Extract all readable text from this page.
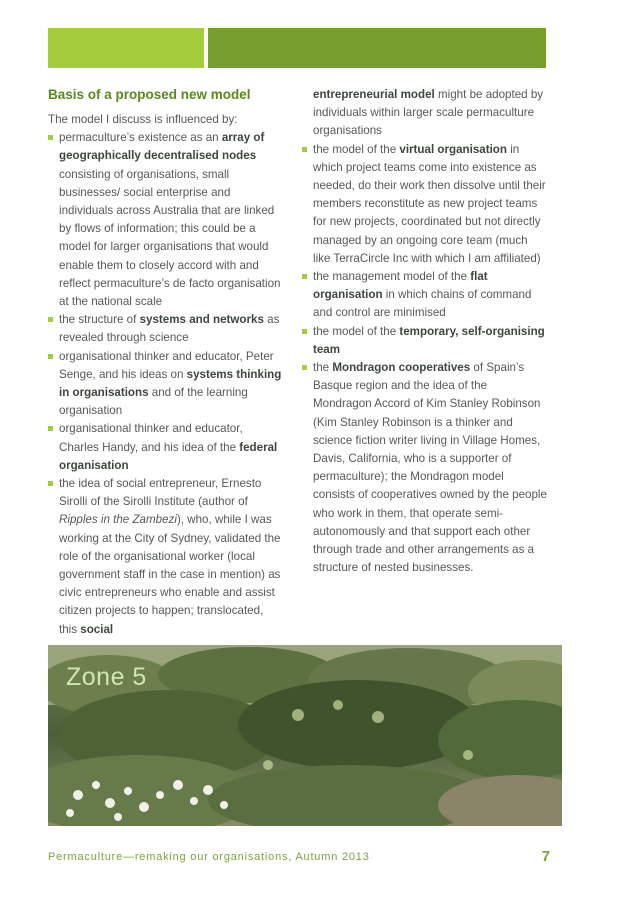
Basis of a proposed new model

The model I discuss is influenced by:

permaculture’s existence as an array of geographically decentralised nodes consisting of organisations, small businesses/ social enterprise and individuals across Australia that are linked by flows of information; this could be a model for larger organisations that would enable them to closely accord with and reflect permaculture’s de facto organisation at the national scale
the structure of systems and networks as revealed through science
organisational thinker and educator, Peter Senge, and his ideas on systems thinking in organisations and of the learning organisation
organisational thinker and educator, Charles Handy, and his idea of the federal organisation
the idea of social entrepreneur, Ernesto Sirolli of the Sirolli Institute (author of Ripples in the Zambezi), who, while I was working at the City of Sydney, validated the role of the organisational worker (local government staff in the case in mention) as civic entrepreneurs who enable and assist citizen projects to happen; translocated, this social

entrepreneurial model might be adopted by individuals within larger scale permaculture organisations

the model of the virtual organisation in which project teams come into existence as needed, do their work then dissolve until their members reconstitute as new project teams for new projects, coordinated but not directly managed by an ongoing core team (much like TerraCircle Inc with which I am affiliated)
the management model of the flat organisation in which chains of command and control are minimised
the model of the temporary, self-organising team
the Mondragon cooperatives of Spain’s Basque region and the idea of the Mondragon Accord of Kim Stanley Robinson (Kim Stanley Robinson is a thinker and science fiction writer living in Village Homes, Davis, California, who is a supporter of permaculture); the Mondragon model consists of cooperatives owned by the people who work in them, that operate semi-autonomously and that support each other through trade and other arrangements as a structure of nested businesses.
Zone 5
Permaculture—remaking our organisations, Autumn 2013	7
